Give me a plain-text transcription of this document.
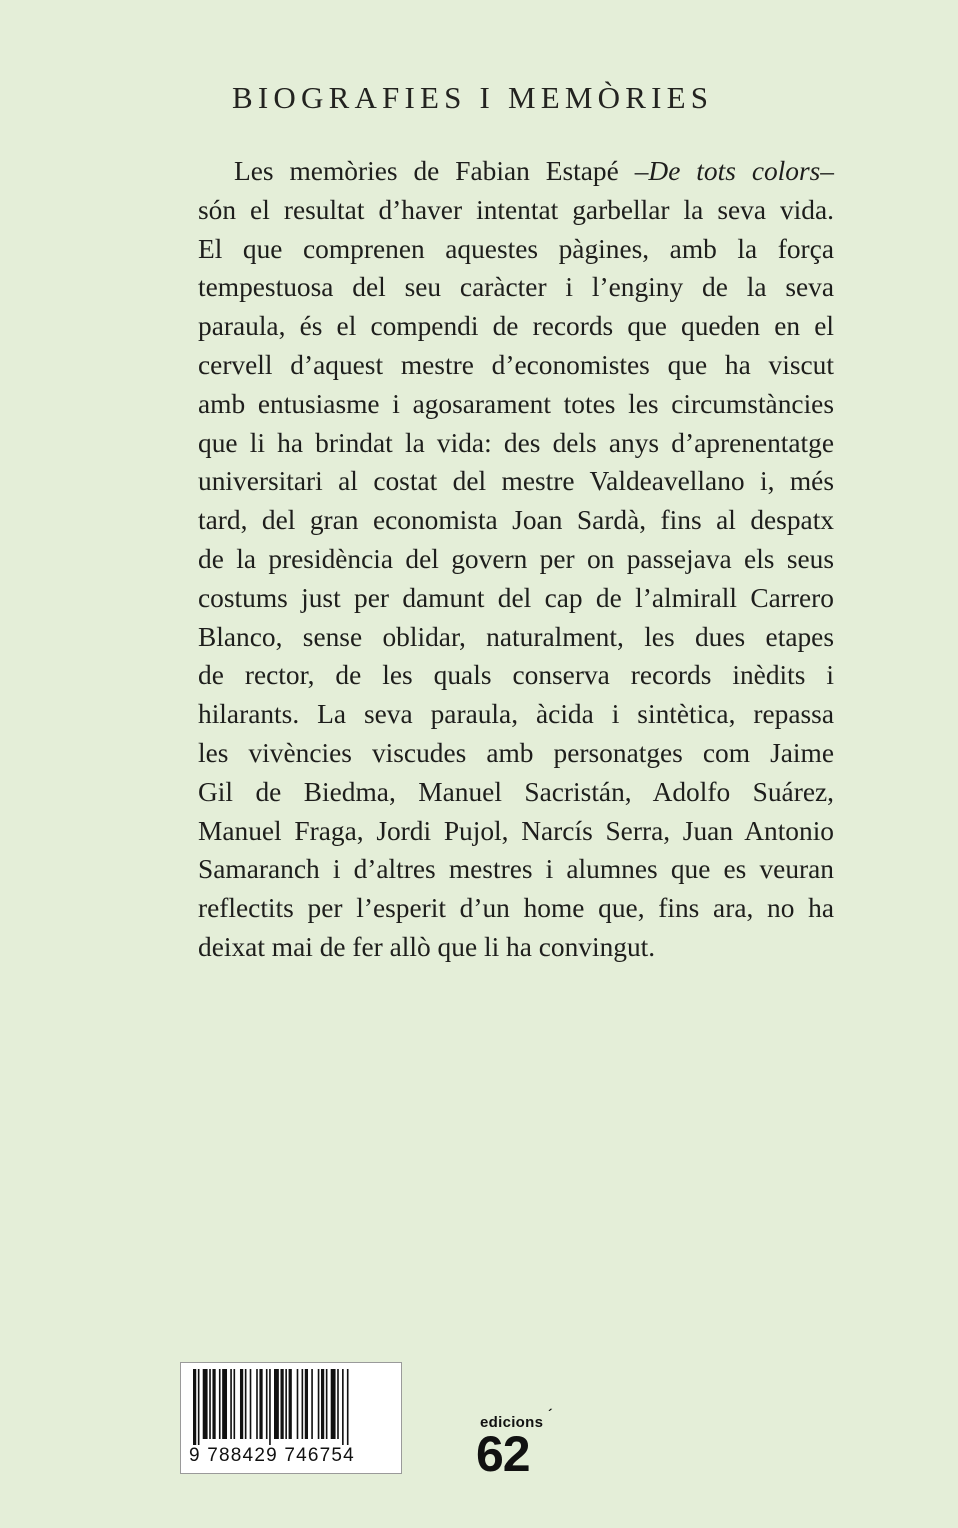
BIOGRAFIES I MEMÒRIES
Les memòries de Fabian Estapé –De tots colors–
són el resultat d’haver intentat garbellar la seva vida.
El que comprenen aquestes pàgines, amb la força
tempestuosa del seu caràcter i l’enginy de la seva
paraula, és el compendi de records que queden en el
cervell d’aquest mestre d’economistes que ha viscut
amb entusiasme i agosarament totes les circumstàncies
que li ha brindat la vida: des dels anys d’aprenentatge
universitari al costat del mestre Valdeavellano i, més
tard, del gran economista Joan Sardà, fins al despatx
de la presidència del govern per on passejava els seus
costums just per damunt del cap de l’almirall Carrero
Blanco, sense oblidar, naturalment, les dues etapes
de rector, de les quals conserva records inèdits i
hilarants. La seva paraula, àcida i sintètica, repassa
les vivències viscudes amb personatges com Jaime
Gil de Biedma, Manuel Sacristán, Adolfo Suárez,
Manuel Fraga, Jordi Pujol, Narcís Serra, Juan Antonio
Samaranch i d’altres mestres i alumnes que es veuran
reflectits per l’esperit d’un home que, fins ara, no ha
deixat mai de fer allò que li ha convingut.
9 788429 746754
edicions ´
62
